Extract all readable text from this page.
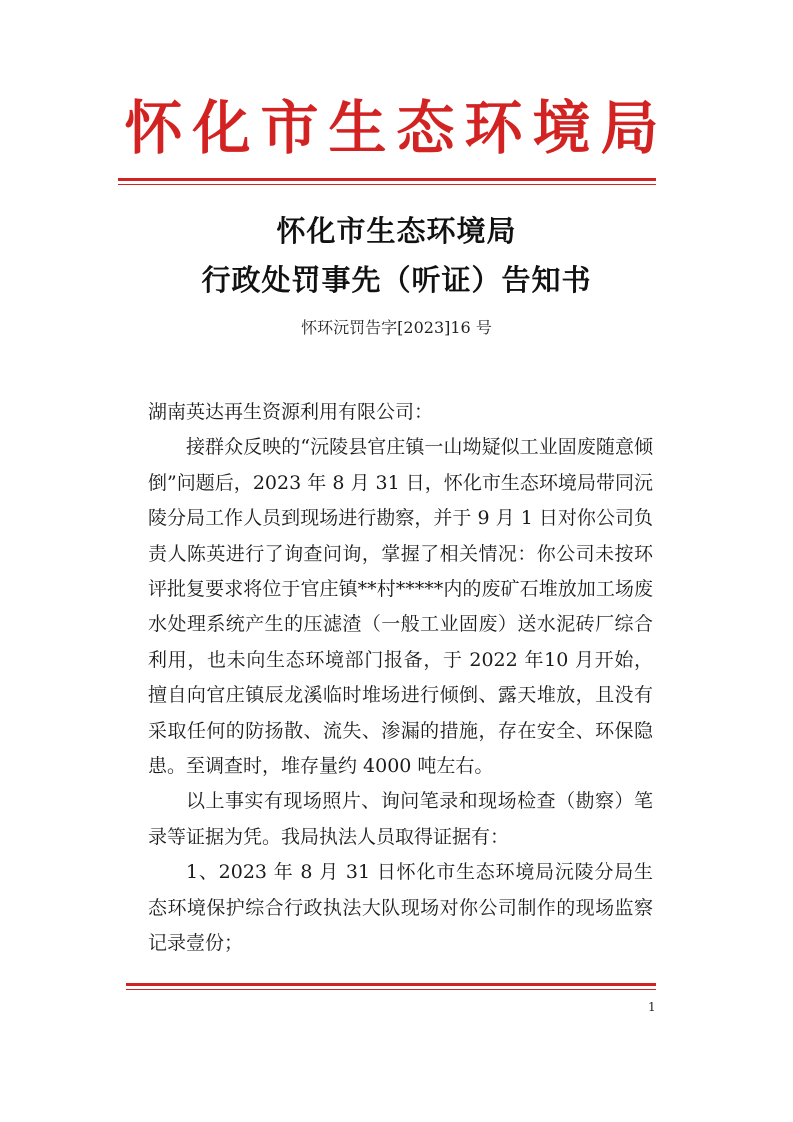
怀化市生态环境局
怀化市生态环境局
行政处罚事先（听证）告知书
怀环沅罚告字[2023]16 号

湖南英达再生资源利用有限公司：

接群众反映的“沅陵县官庄镇一山坳疑似工业固废随意倾倒”问题后，2023 年 8 月 31 日，怀化市生态环境局带同沅陵分局工作人员到现场进行勘察，并于 9 月 1 日对你公司负责人陈英进行了询查问询，掌握了相关情况：你公司未按环评批复要求将位于官庄镇**村*****内的废矿石堆放加工场废水处理系统产生的压滤渣（一般工业固废）送水泥砖厂综合利用，也未向生态环境部门报备，于 2022 年10 月开始，擅自向官庄镇辰龙溪临时堆场进行倾倒、露天堆放，且没有采取任何的防扬散、流失、渗漏的措施，存在安全、环保隐患。至调查时，堆存量约 4000 吨左右。

以上事实有现场照片、询问笔录和现场检查（勘察）笔录等证据为凭。我局执法人员取得证据有：

1、2023 年 8 月 31 日怀化市生态环境局沅陵分局生态环境保护综合行政执法大队现场对你公司制作的现场监察记录壹份；

1
